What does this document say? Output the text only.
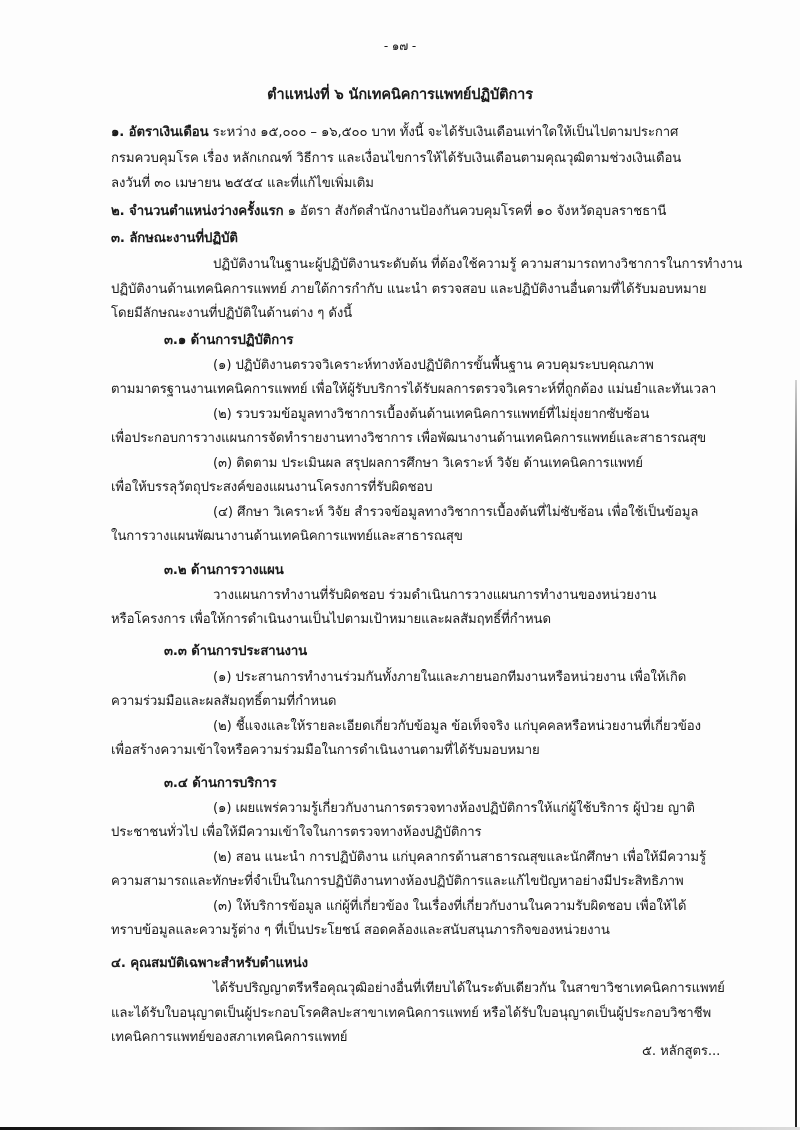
- ๑๗ -
ตำแหน่งที่ ๖ นักเทคนิคการแพทย์ปฏิบัติการ
๑. อัตราเงินเดือน ระหว่าง ๑๕,๐๐๐ – ๑๖,๕๐๐ บาท ทั้งนี้ จะได้รับเงินเดือนเท่าใดให้เป็นไปตามประกาศ
กรมควบคุมโรค เรื่อง หลักเกณฑ์ วิธีการ และเงื่อนไขการให้ได้รับเงินเดือนตามคุณวุฒิตามช่วงเงินเดือน
ลงวันที่ ๓๐ เมษายน ๒๕๕๔ และที่แก้ไขเพิ่มเติม
๒. จำนวนตำแหน่งว่างครั้งแรก ๑ อัตรา สังกัดสำนักงานป้องกันควบคุมโรคที่ ๑๐ จังหวัดอุบลราชธานี
๓. ลักษณะงานที่ปฏิบัติ
ปฏิบัติงานในฐานะผู้ปฏิบัติงานระดับต้น ที่ต้องใช้ความรู้ ความสามารถทางวิชาการในการทำงาน
ปฏิบัติงานด้านเทคนิคการแพทย์ ภายใต้การกำกับ แนะนำ ตรวจสอบ และปฏิบัติงานอื่นตามที่ได้รับมอบหมาย
โดยมีลักษณะงานที่ปฏิบัติในด้านต่าง ๆ ดังนี้
๓.๑ ด้านการปฏิบัติการ
(๑) ปฏิบัติงานตรวจวิเคราะห์ทางห้องปฏิบัติการขั้นพื้นฐาน ควบคุมระบบคุณภาพ
ตามมาตรฐานงานเทคนิคการแพทย์ เพื่อให้ผู้รับบริการได้รับผลการตรวจวิเคราะห์ที่ถูกต้อง แม่นยำและทันเวลา
(๒) รวบรวมข้อมูลทางวิชาการเบื้องต้นด้านเทคนิคการแพทย์ที่ไม่ยุ่งยากซับซ้อน
เพื่อประกอบการวางแผนการจัดทำรายงานทางวิชาการ เพื่อพัฒนางานด้านเทคนิคการแพทย์และสาธารณสุข
(๓) ติดตาม ประเมินผล สรุปผลการศึกษา วิเคราะห์ วิจัย ด้านเทคนิคการแพทย์
เพื่อให้บรรลุวัตถุประสงค์ของแผนงานโครงการที่รับผิดชอบ
(๔) ศึกษา วิเคราะห์ วิจัย สำรวจข้อมูลทางวิชาการเบื้องต้นที่ไม่ซับซ้อน เพื่อใช้เป็นข้อมูล
ในการวางแผนพัฒนางานด้านเทคนิคการแพทย์และสาธารณสุข
๓.๒ ด้านการวางแผน
วางแผนการทำงานที่รับผิดชอบ ร่วมดำเนินการวางแผนการทำงานของหน่วยงาน
หรือโครงการ เพื่อให้การดำเนินงานเป็นไปตามเป้าหมายและผลสัมฤทธิ์ที่กำหนด
๓.๓ ด้านการประสานงาน
(๑) ประสานการทำงานร่วมกันทั้งภายในและภายนอกทีมงานหรือหน่วยงาน เพื่อให้เกิด
ความร่วมมือและผลสัมฤทธิ์ตามที่กำหนด
(๒) ชี้แจงและให้รายละเอียดเกี่ยวกับข้อมูล ข้อเท็จจริง แก่บุคคลหรือหน่วยงานที่เกี่ยวข้อง
เพื่อสร้างความเข้าใจหรือความร่วมมือในการดำเนินงานตามที่ได้รับมอบหมาย
๓.๔ ด้านการบริการ
(๑) เผยแพร่ความรู้เกี่ยวกับงานการตรวจทางห้องปฏิบัติการให้แก่ผู้ใช้บริการ ผู้ป่วย ญาติ
ประชาชนทั่วไป เพื่อให้มีความเข้าใจในการตรวจทางห้องปฏิบัติการ
(๒) สอน แนะนำ การปฏิบัติงาน แก่บุคลากรด้านสาธารณสุขและนักศึกษา เพื่อให้มีความรู้
ความสามารถและทักษะที่จำเป็นในการปฏิบัติงานทางห้องปฏิบัติการและแก้ไขปัญหาอย่างมีประสิทธิภาพ
(๓) ให้บริการข้อมูล แก่ผู้ที่เกี่ยวข้อง ในเรื่องที่เกี่ยวกับงานในความรับผิดชอบ เพื่อให้ได้
ทราบข้อมูลและความรู้ต่าง ๆ ที่เป็นประโยชน์ สอดคล้องและสนับสนุนภารกิจของหน่วยงาน
๔. คุณสมบัติเฉพาะสำหรับตำแหน่ง
ได้รับปริญญาตรีหรือคุณวุฒิอย่างอื่นที่เทียบได้ในระดับเดียวกัน ในสาขาวิชาเทคนิคการแพทย์
และได้รับใบอนุญาตเป็นผู้ประกอบโรคศิลปะสาขาเทคนิคการแพทย์ หรือได้รับใบอนุญาตเป็นผู้ประกอบวิชาชีพ
เทคนิคการแพทย์ของสภาเทคนิคการแพทย์
๕. หลักสูตร...
